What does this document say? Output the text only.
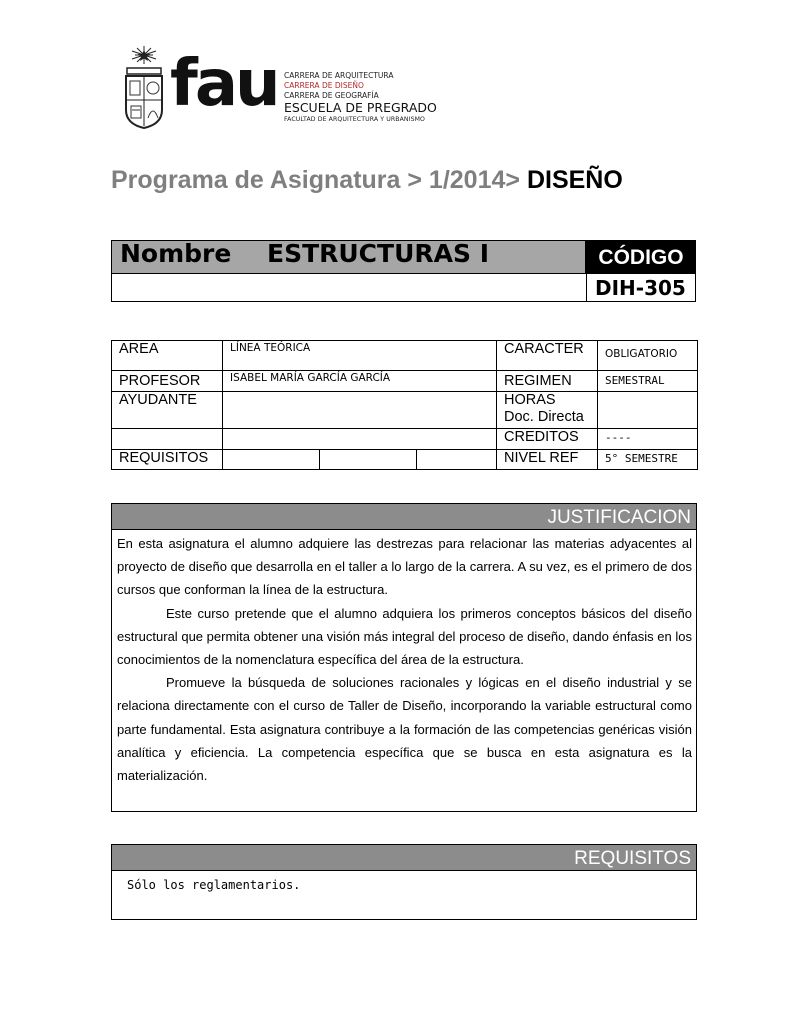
fau CARRERA DE ARQUITECTURA
CARRERA DE DISEÑO
CARRERA DE GEOGRAFÍA
ESCUELA DE PREGRADO
FACULTAD DE ARQUITECTURA Y URBANISMO
Programa de Asignatura > 1/2014> DISEÑO
Nombre ESTRUCTURAS I	CÓDIGO
DIH-305
AREA	LÍNEA TEÓRICA			CARACTER	OBLIGATORIO
PROFESOR	ISABEL MARÍA GARCÍA GARCÍA			REGIMEN	SEMESTRAL
AYUDANTE				HORAS
Doc. Directa	

				CREDITOS	----
REQUISITOS				NIVEL REF	5° SEMESTRE
JUSTIFICACION

En esta asignatura el alumno adquiere las destrezas para relacionar las materias adyacentes al proyecto de diseño que desarrolla en el taller a lo largo de la carrera. A su vez, es el primero de dos cursos que conforman la línea de la estructura.

Este curso pretende que el alumno adquiera los primeros conceptos básicos del diseño estructural que permita obtener una visión más integral del proceso de diseño, dando énfasis en los conocimientos de la nomenclatura específica del área de la estructura.

Promueve la búsqueda de soluciones racionales y lógicas en el diseño industrial y se relaciona directamente con el curso de Taller de Diseño, incorporando la variable estructural como parte fundamental. Esta asignatura contribuye a la formación de las competencias genéricas visión analítica y eficiencia. La competencia específica que se busca en esta asignatura es la materialización.

REQUISITOS
Sólo los reglamentarios.
